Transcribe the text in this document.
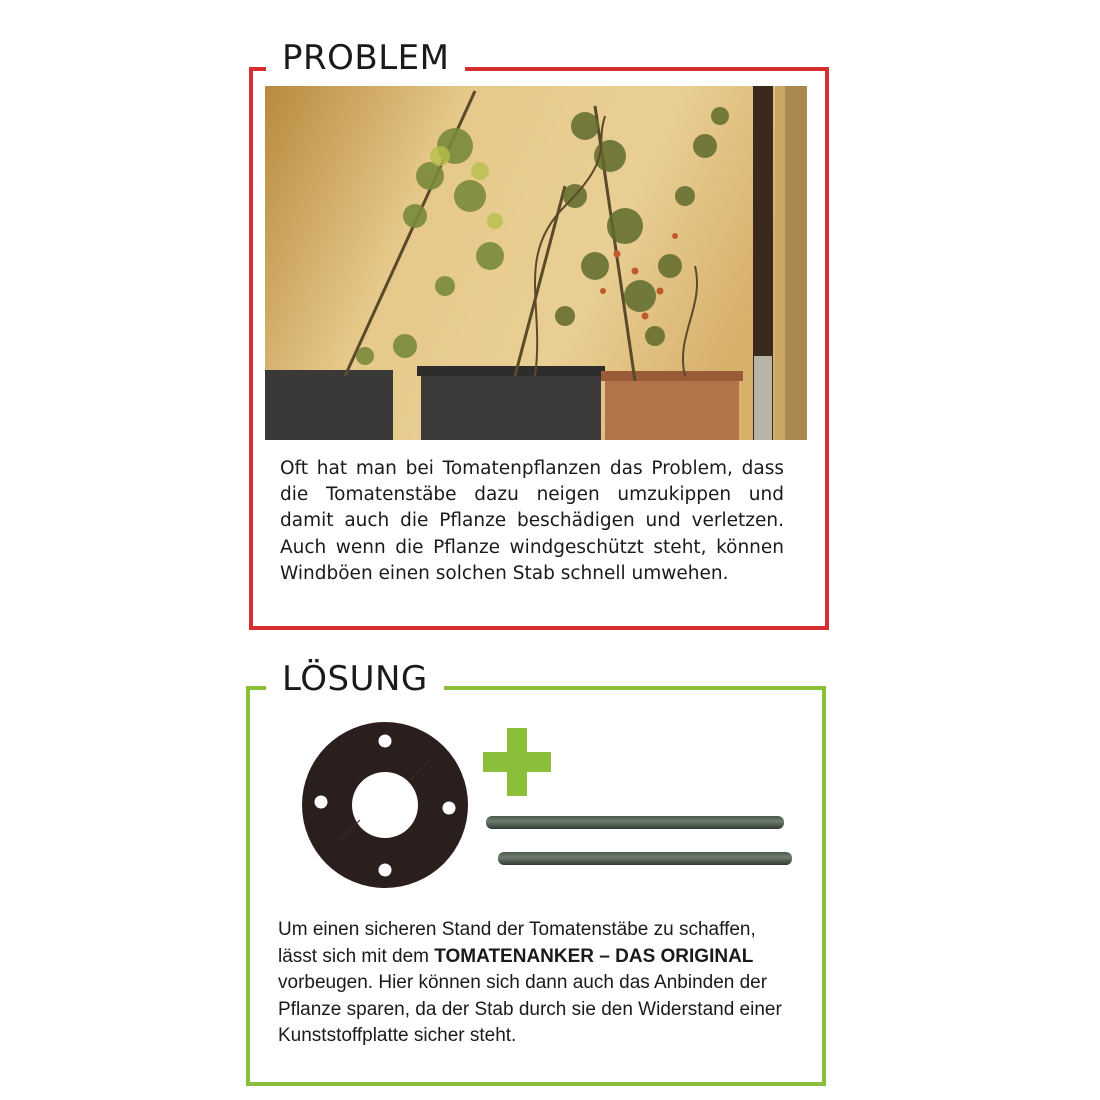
PROBLEM

Oft hat man bei Tomatenpflanzen das Problem, dass die Tomatenstäbe dazu neigen umzukippen und damit auch die Pflanze beschädigen und verletzen. Auch wenn die Pflanze windgeschützt steht, können Windböen einen solchen Stab schnell umwehen.

LÖSUNG

Um einen sicheren Stand der Tomatenstäbe zu schaffen, lässt sich mit dem TOMATENANKER – DAS ORIGINAL vorbeugen. Hier können sich dann auch das Anbinden der Pflanze sparen, da der Stab durch sie den Widerstand einer Kunststoffplatte sicher steht.
